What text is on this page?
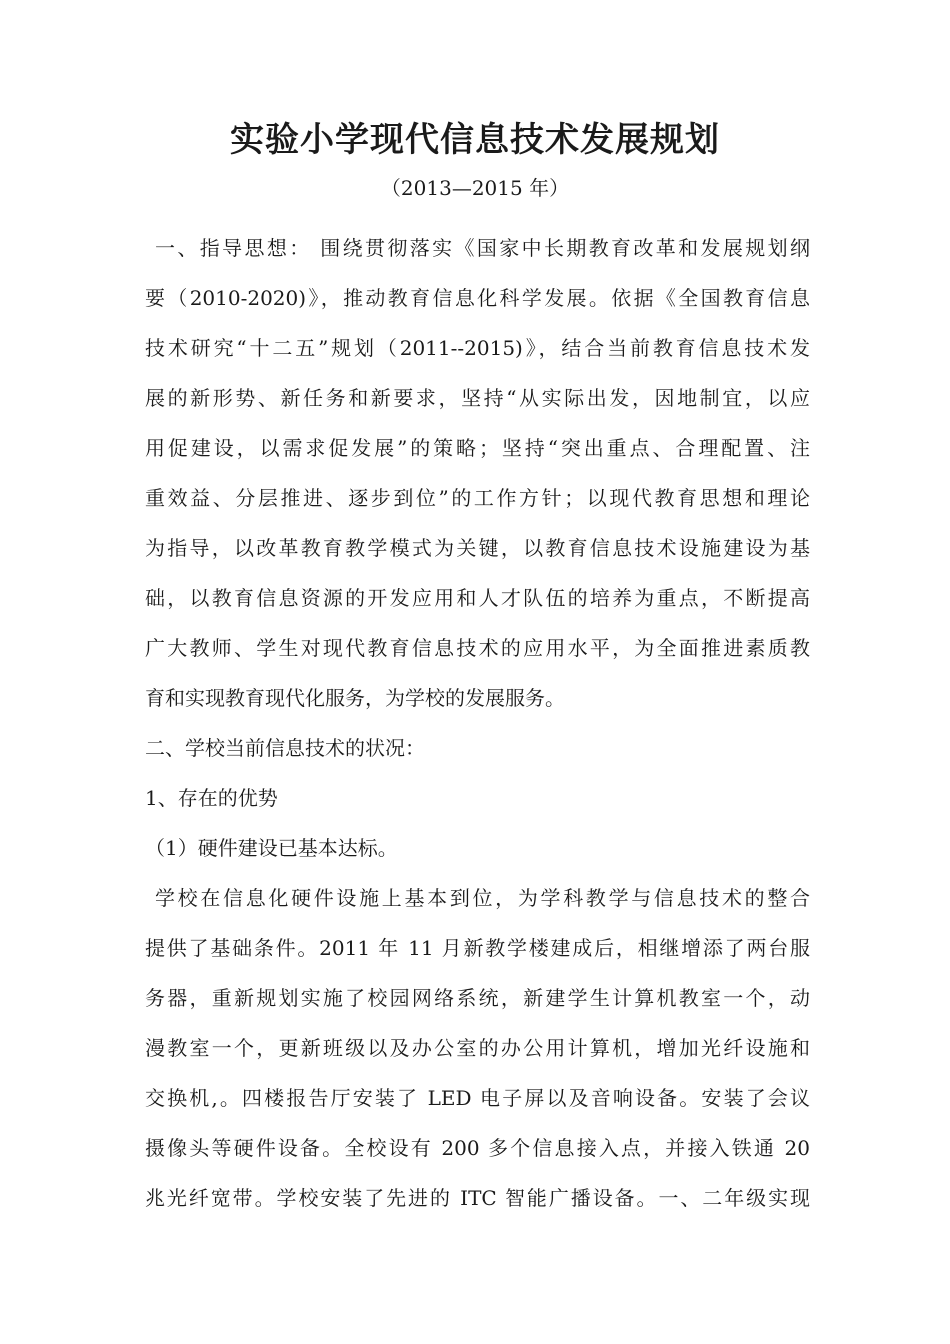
实验小学现代信息技术发展规划

（2013—2015 年）

一、指导思想： 围绕贯彻落实《国家中长期教育改革和发展规划纲
要（2010-2020)》，推动教育信息化科学发展。依据《全国教育信息
技术研究“十二五”规划（2011--2015)》，结合当前教育信息技术发
展的新形势、新任务和新要求，坚持“从实际出发，因地制宜，以应
用促建设，以需求促发展”的策略；坚持“突出重点、合理配置、注
重效益、分层推进、逐步到位”的工作方针；以现代教育思想和理论
为指导，以改革教育教学模式为关键，以教育信息技术设施建设为基
础，以教育信息资源的开发应用和人才队伍的培养为重点，不断提高
广大教师、学生对现代教育信息技术的应用水平，为全面推进素质教
育和实现教育现代化服务，为学校的发展服务。
二、学校当前信息技术的状况：
1、存在的优势
（1）硬件建设已基本达标。
学校在信息化硬件设施上基本到位，为学科教学与信息技术的整合
提供了基础条件。2011 年 11 月新教学楼建成后，相继增添了两台服
务器，重新规划实施了校园网络系统，新建学生计算机教室一个，动
漫教室一个，更新班级以及办公室的办公用计算机，增加光纤设施和
交换机,。四楼报告厅安装了 LED 电子屏以及音响设备。安装了会议
摄像头等硬件设备。全校设有 200 多个信息接入点，并接入铁通 20
兆光纤宽带。学校安装了先进的 ITC 智能广播设备。一、二年级实现
